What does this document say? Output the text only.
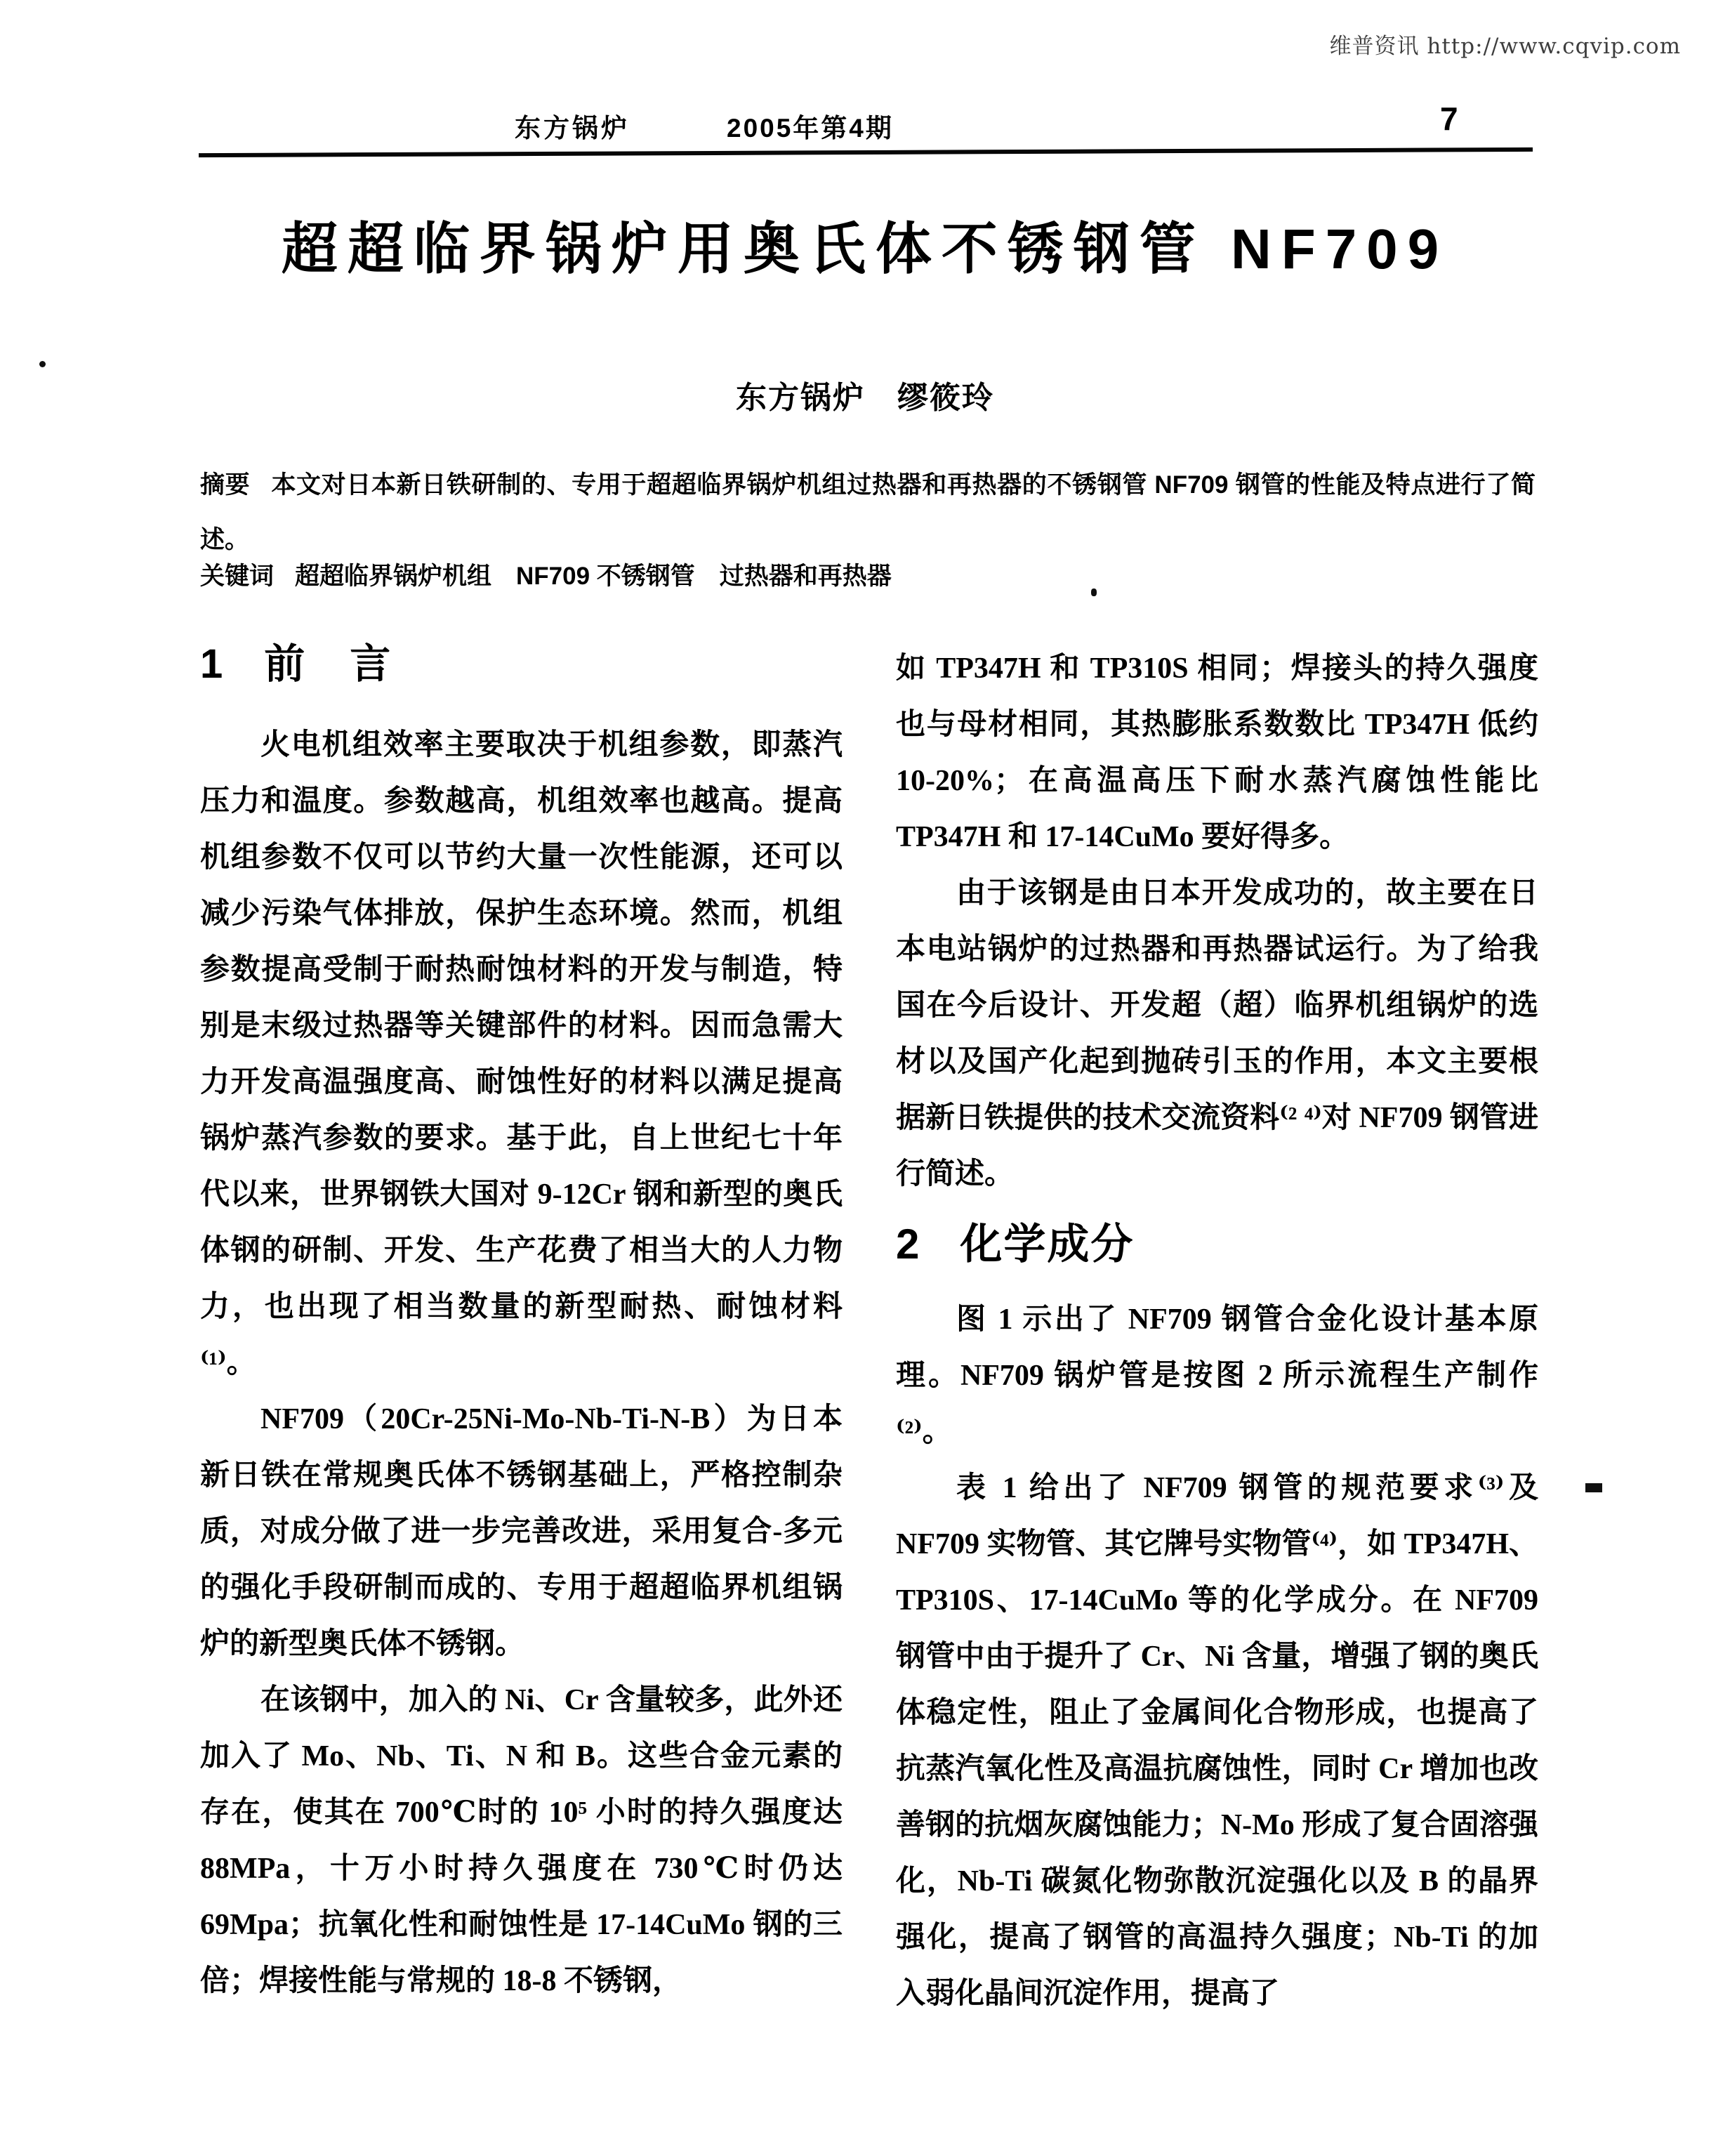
维普资讯 http://www.cqvip.com
东方锅炉	2005年第4期	7
超超临界锅炉用奥氏体不锈钢管 NF709
东方锅炉　缪筱玲
摘要 本文对日本新日铁研制的、专用于超超临界锅炉机组过热器和再热器的不锈钢管 NF709 钢管的性能及特点进行了简述。
关键词 超超临界锅炉机组　NF709 不锈钢管　过热器和再热器
1 前　言

火电机组效率主要取决于机组参数，即蒸汽压力和温度。参数越高，机组效率也越高。提高机组参数不仅可以节约大量一次性能源，还可以减少污染气体排放，保护生态环境。然而，机组参数提高受制于耐热耐蚀材料的开发与制造，特别是末级过热器等关键部件的材料。因而急需大力开发高温强度高、耐蚀性好的材料以满足提高锅炉蒸汽参数的要求。基于此，自上世纪七十年代以来，世界钢铁大国对 9-12Cr 钢和新型的奥氏体钢的研制、开发、生产花费了相当大的人力物力，也出现了相当数量的新型耐热、耐蚀材料⁽¹⁾。

NF709（20Cr-25Ni-Mo-Nb-Ti-N-B）为日本新日铁在常规奥氏体不锈钢基础上，严格控制杂质，对成分做了进一步完善改进，采用复合-多元的强化手段研制而成的、专用于超超临界机组锅炉的新型奥氏体不锈钢。

在该钢中，加入的 Ni、Cr 含量较多，此外还加入了 Mo、Nb、Ti、N 和 B。这些合金元素的存在，使其在 700℃时的 10⁵ 小时的持久强度达 88MPa，十万小时持久强度在 730℃时仍达 69Mpa；抗氧化性和耐蚀性是 17-14CuMo 钢的三倍；焊接性能与常规的 18-8 不锈钢，

如 TP347H 和 TP310S 相同；焊接头的持久强度也与母材相同，其热膨胀系数数比 TP347H 低约 10-20%；在高温高压下耐水蒸汽腐蚀性能比 TP347H 和 17-14CuMo 要好得多。

由于该钢是由日本开发成功的，故主要在日本电站锅炉的过热器和再热器试运行。为了给我国在今后设计、开发超（超）临界机组锅炉的选材以及国产化起到抛砖引玉的作用，本文主要根据新日铁提供的技术交流资料⁽² ⁴⁾对 NF709 钢管进行简述。

2 化学成分

图 1 示出了 NF709 钢管合金化设计基本原理。NF709 锅炉管是按图 2 所示流程生产制作⁽²⁾。

表 1 给出了 NF709 钢管的规范要求⁽³⁾及 NF709 实物管、其它牌号实物管⁽⁴⁾，如 TP347H、TP310S、17-14CuMo 等的化学成分。在 NF709 钢管中由于提升了 Cr、Ni 含量，增强了钢的奥氏体稳定性，阻止了金属间化合物形成，也提高了抗蒸汽氧化性及高温抗腐蚀性，同时 Cr 增加也改善钢的抗烟灰腐蚀能力；N-Mo 形成了复合固溶强化，Nb-Ti 碳氮化物弥散沉淀强化以及 B 的晶界强化，提高了钢管的高温持久强度；Nb-Ti 的加入弱化晶间沉淀作用，提高了
